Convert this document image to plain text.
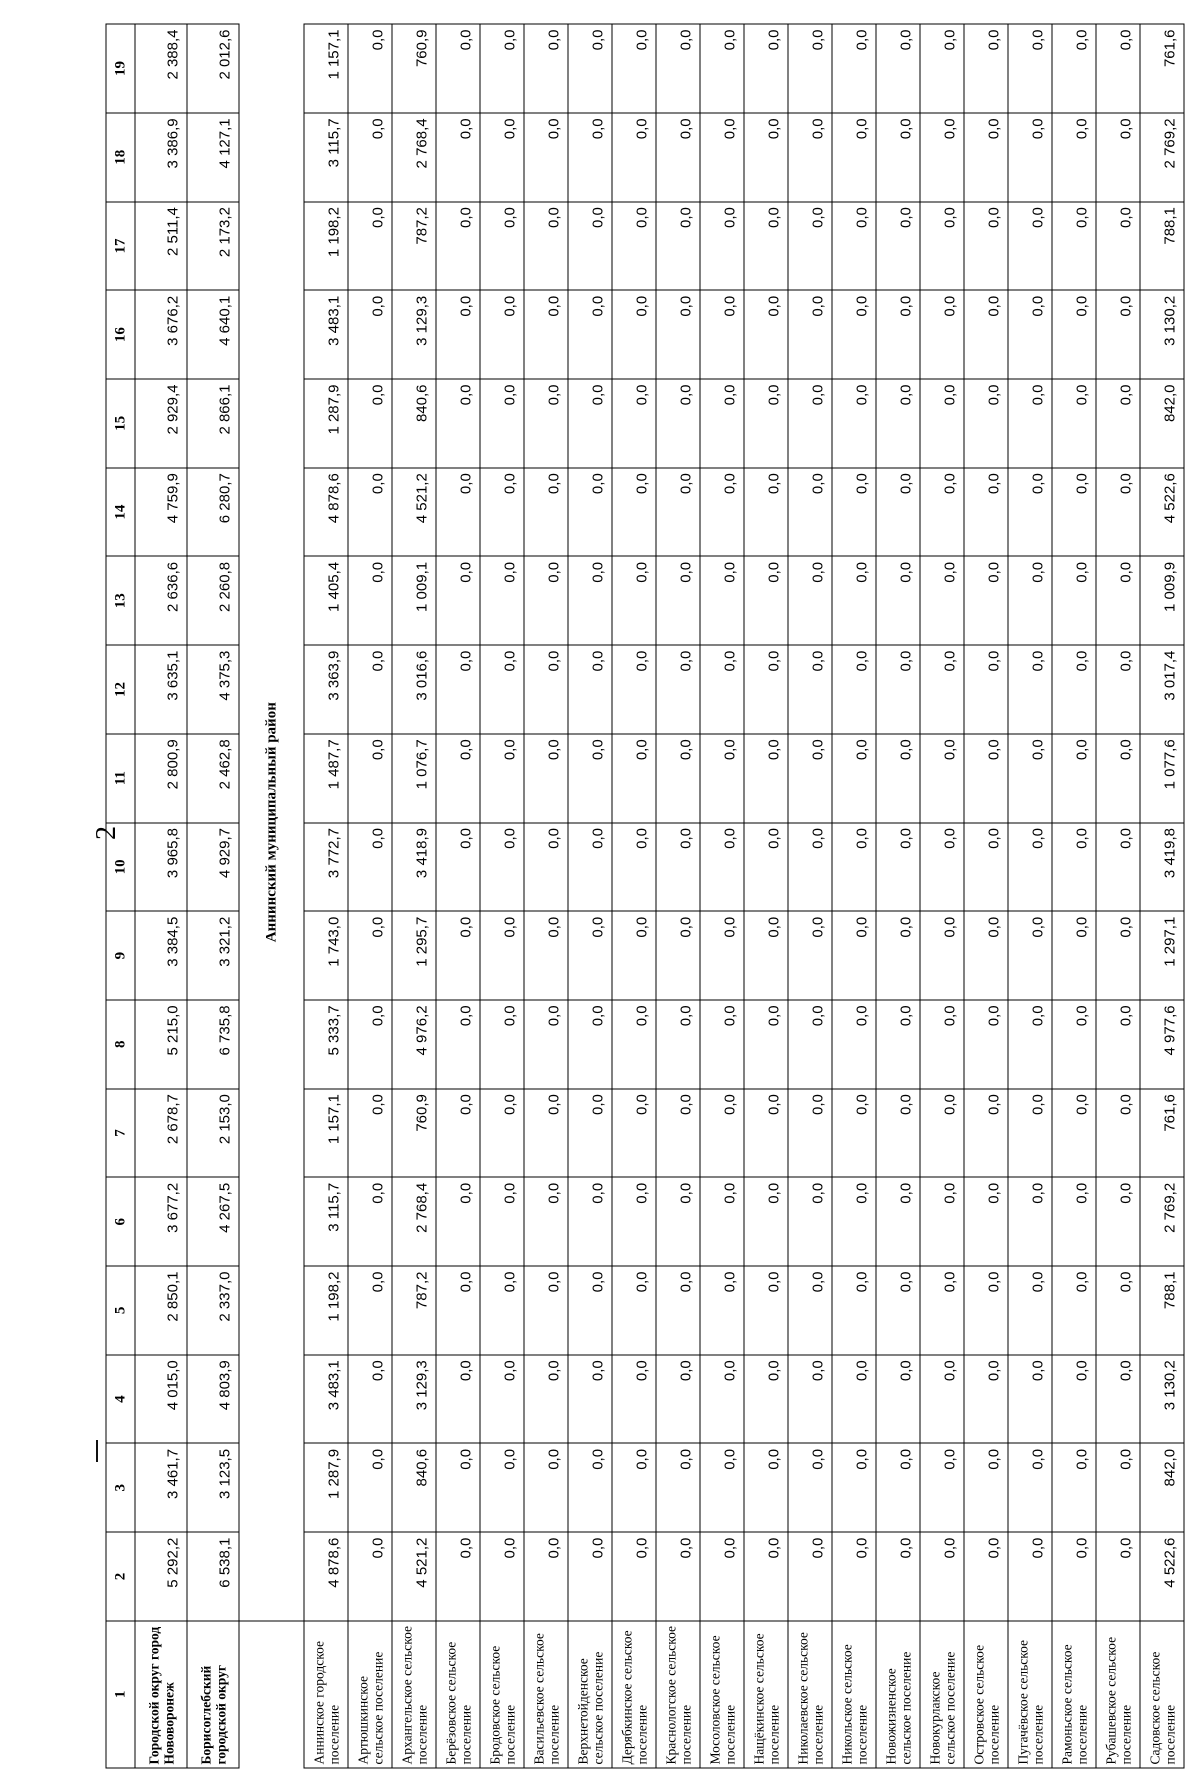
2
1	2	3	4	5	6	7	8	9	10	11	12	13	14	15	16	17	18	19
Городской округ город Нововоронеж	5 292,2	3 461,7	4 015,0	2 850,1	3 677,2	2 678,7	5 215,0	3 384,5	3 965,8	2 800,9	3 635,1	2 636,6	4 759,9	2 929,4	3 676,2	2 511,4	3 386,9	2 388,4
Борисоглебский городской округ	6 538,1	3 123,5	4 803,9	2 337,0	4 267,5	2 153,0	6 735,8	3 321,2	4 929,7	2 462,8	4 375,3	2 260,8	6 280,7	2 866,1	4 640,1	2 173,2	4 127,1	2 012,6
	Аннинский муниципальный район																	
Аннинское городское поселение	4 878,6	1 287,9	3 483,1	1 198,2	3 115,7	1 157,1	5 333,7	1 743,0	3 772,7	1 487,7	3 363,9	1 405,4	4 878,6	1 287,9	3 483,1	1 198,2	3 115,7	1 157,1
Артюшкинское сельское поселение	0,0	0,0	0,0	0,0	0,0	0,0	0,0	0,0	0,0	0,0	0,0	0,0	0,0	0,0	0,0	0,0	0,0	0,0
Архангельское сельское поселение	4 521,2	840,6	3 129,3	787,2	2 768,4	760,9	4 976,2	1 295,7	3 418,9	1 076,7	3 016,6	1 009,1	4 521,2	840,6	3 129,3	787,2	2 768,4	760,9
Берёзовское сельское поселение	0,0	0,0	0,0	0,0	0,0	0,0	0,0	0,0	0,0	0,0	0,0	0,0	0,0	0,0	0,0	0,0	0,0	0,0
Бродовское сельское поселение	0,0	0,0	0,0	0,0	0,0	0,0	0,0	0,0	0,0	0,0	0,0	0,0	0,0	0,0	0,0	0,0	0,0	0,0
Васильевское сельское поселение	0,0	0,0	0,0	0,0	0,0	0,0	0,0	0,0	0,0	0,0	0,0	0,0	0,0	0,0	0,0	0,0	0,0	0,0
Верхнетойденское сельское поселение	0,0	0,0	0,0	0,0	0,0	0,0	0,0	0,0	0,0	0,0	0,0	0,0	0,0	0,0	0,0	0,0	0,0	0,0
Дерябкинское сельское поселение	0,0	0,0	0,0	0,0	0,0	0,0	0,0	0,0	0,0	0,0	0,0	0,0	0,0	0,0	0,0	0,0	0,0	0,0
Краснологское сельское поселение	0,0	0,0	0,0	0,0	0,0	0,0	0,0	0,0	0,0	0,0	0,0	0,0	0,0	0,0	0,0	0,0	0,0	0,0
Мосоловское сельское поселение	0,0	0,0	0,0	0,0	0,0	0,0	0,0	0,0	0,0	0,0	0,0	0,0	0,0	0,0	0,0	0,0	0,0	0,0
Нащёкинское сельское поселение	0,0	0,0	0,0	0,0	0,0	0,0	0,0	0,0	0,0	0,0	0,0	0,0	0,0	0,0	0,0	0,0	0,0	0,0
Николаевское сельское поселение	0,0	0,0	0,0	0,0	0,0	0,0	0,0	0,0	0,0	0,0	0,0	0,0	0,0	0,0	0,0	0,0	0,0	0,0
Никольское сельское поселение	0,0	0,0	0,0	0,0	0,0	0,0	0,0	0,0	0,0	0,0	0,0	0,0	0,0	0,0	0,0	0,0	0,0	0,0
Новожизненское сельское поселение	0,0	0,0	0,0	0,0	0,0	0,0	0,0	0,0	0,0	0,0	0,0	0,0	0,0	0,0	0,0	0,0	0,0	0,0
Новокурлакское сельское поселение	0,0	0,0	0,0	0,0	0,0	0,0	0,0	0,0	0,0	0,0	0,0	0,0	0,0	0,0	0,0	0,0	0,0	0,0
Островское сельское поселение	0,0	0,0	0,0	0,0	0,0	0,0	0,0	0,0	0,0	0,0	0,0	0,0	0,0	0,0	0,0	0,0	0,0	0,0
Пугачёвское сельское поселение	0,0	0,0	0,0	0,0	0,0	0,0	0,0	0,0	0,0	0,0	0,0	0,0	0,0	0,0	0,0	0,0	0,0	0,0
Рамоньское сельское поселение	0,0	0,0	0,0	0,0	0,0	0,0	0,0	0,0	0,0	0,0	0,0	0,0	0,0	0,0	0,0	0,0	0,0	0,0
Рубашевское сельское поселение	0,0	0,0	0,0	0,0	0,0	0,0	0,0	0,0	0,0	0,0	0,0	0,0	0,0	0,0	0,0	0,0	0,0	0,0
Садовское сельское поселение	4 522,6	842,0	3 130,2	788,1	2 769,2	761,6	4 977,6	1 297,1	3 419,8	1 077,6	3 017,4	1 009,9	4 522,6	842,0	3 130,2	788,1	2 769,2	761,6
